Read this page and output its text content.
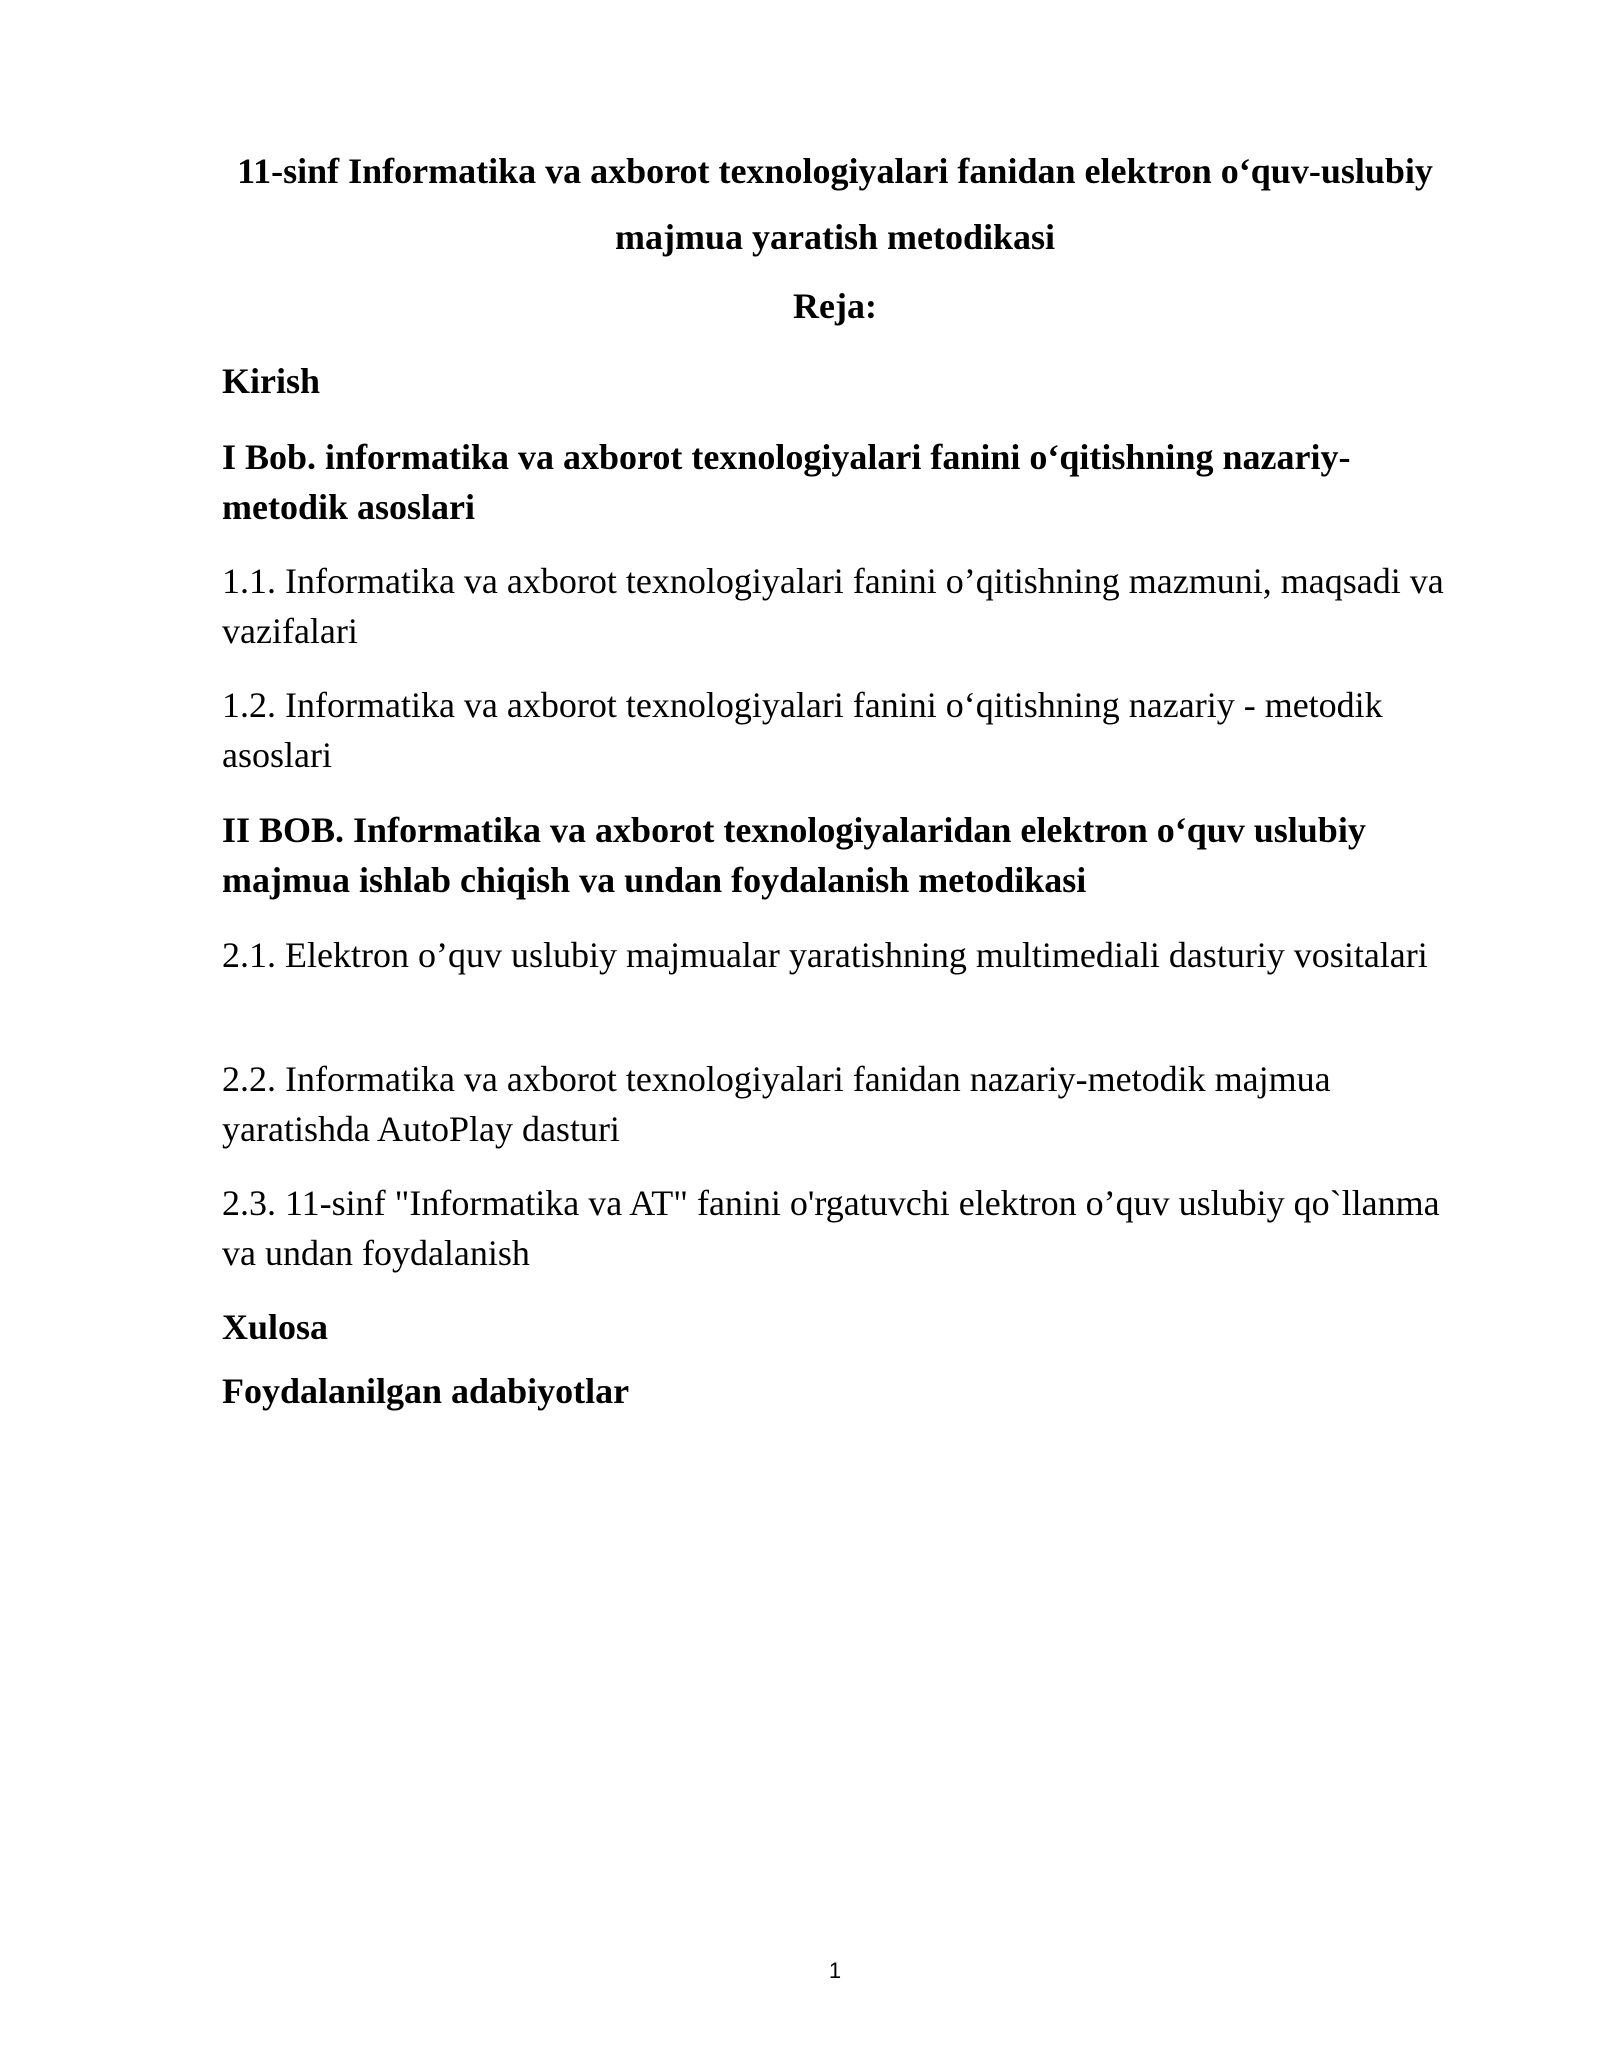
11-sinf Informatika va axborot texnologiyalari fanidan elektron o‘quv-uslubiy majmua yaratish metodikasi
Reja:

Kirish

I Bob. informatika va axborot texnologiyalari fanini o‘qitishning nazariy-metodik asoslari

1.1. Informatika va axborot texnologiyalari fanini o’qitishning mazmuni, maqsadi va vazifalari

1.2. Informatika va axborot texnologiyalari fanini o‘qitishning nazariy - metodik asoslari

II BOB. Informatika va axborot texnologiyalaridan elektron o‘quv uslubiy majmua ishlab chiqish va undan foydalanish metodikasi

2.1. Elektron o’quv uslubiy majmualar yaratishning multimediali dasturiy vositalari

2.2. Informatika va axborot texnologiyalari fanidan nazariy-metodik majmua yaratishda AutoPlay dasturi

2.3. 11-sinf "Informatika va AT" fanini o'rgatuvchi elektron o’quv uslubiy qo`llanma va undan foydalanish

Xulosa

Foydalanilgan adabiyotlar

1
